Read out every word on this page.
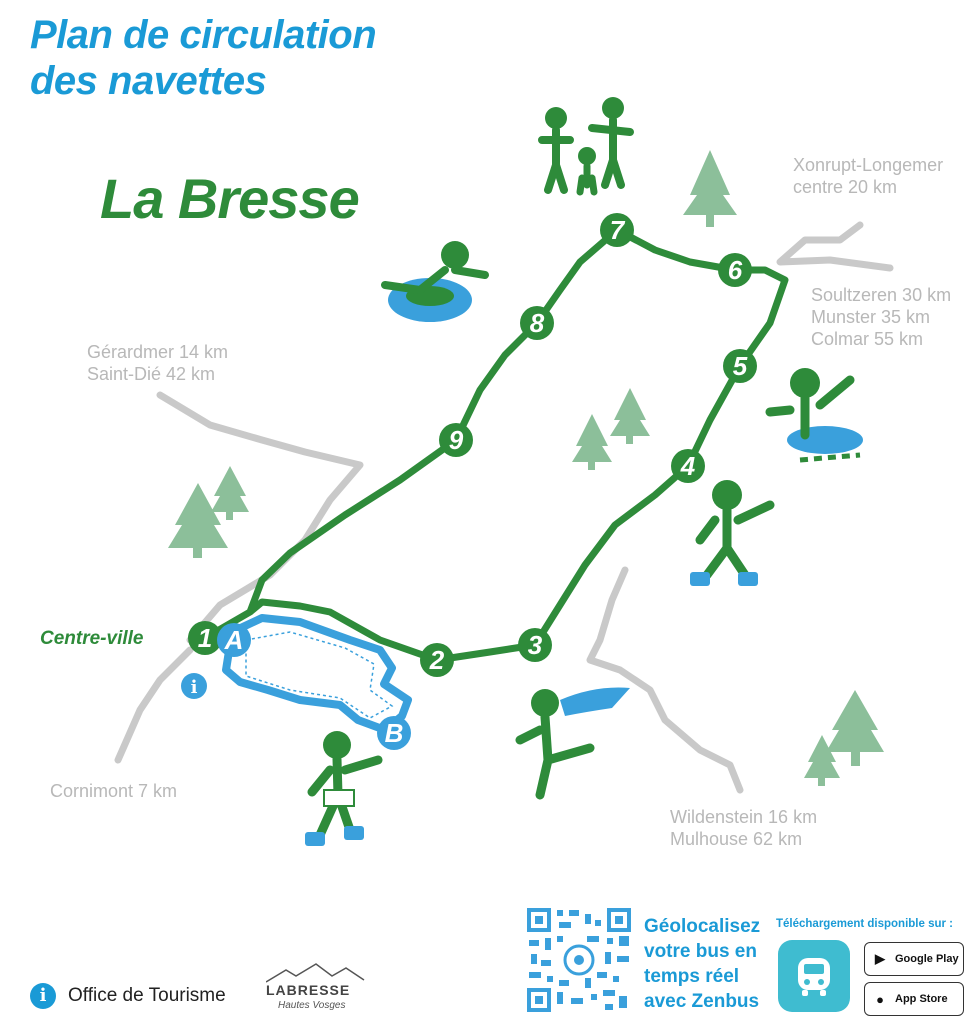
Plan de circulation
des navettes
La Bresse
1
2	3
4
5
6
7
8
9
A
B
i
Xonrupt-Longemer
centre 20 km
Soultzeren 30 km
Munster 35 km
Colmar 55 km
Gérardmer 14 km
Saint-Dié 42 km
Cornimont 7 km
Wildenstein 16 km
Mulhouse 62 km
Centre-ville
i	Office de Tourisme	LABRESSE
Hautes Vosges
Géolocalisez
votre bus en
temps réel
avec Zenbus
Téléchargement disponible sur :
▶ Google Play
●	App Store
